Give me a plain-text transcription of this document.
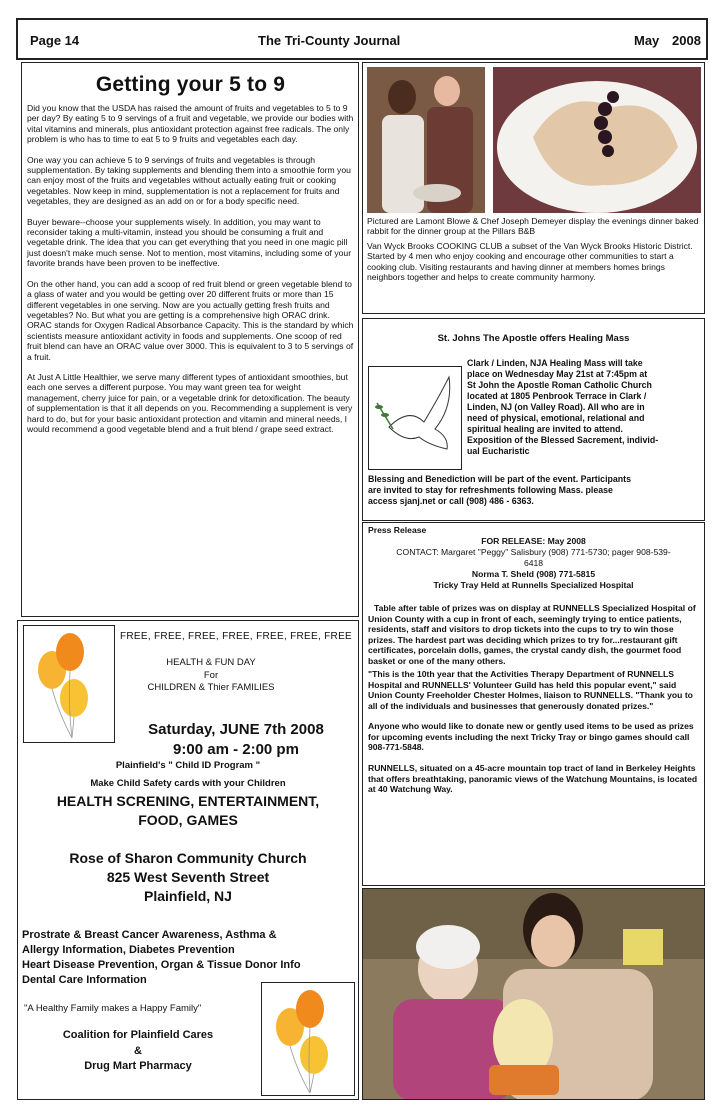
Page 14	The Tri-County Journal	May 2008
Getting your 5 to 9

Did you know that the USDA has raised the amount of fruits and vegetables to 5 to 9 per day? By eating 5 to 9 servings of a fruit and vegetable, we provide our bodies with vital vitamins and minerals, plus antioxidant protection against free radicals. The only problem is who has to time to eat 5 to 9 fruits and vegetables each day.

One way you can achieve 5 to 9 servings of fruits and vegetables is through supplementation. By taking supplements and blending them into a smoothie form you can enjoy most of the fruits and vegetables without actually eating fruit or cooking vegetables. Now keep in mind, supplementation is not a replacement for fruits and vegetables, they are designed as an add on or for a body specific need.

Buyer beware--choose your supplements wisely. In addition, you may want to reconsider taking a multi-vitamin, instead you should be consuming a fruit and vegetable drink. The idea that you can get everything that you need in one magic pill just doesn't make much sense. Not to mention, most vitamins, including some of your favorite brands have been proven to be ineffective.

On the other hand, you can add a scoop of red fruit blend or green vegetable blend to a glass of water and you would be getting over 20 different fruits or more than 15 different vegetables in one serving. Now are you actually getting fresh fruits and vegetables? No. But what you are getting is a comprehensive high ORAC drink. ORAC stands for Oxygen Radical Absorbance Capacity. This is the standard by which scientists measure antioxidant activity in foods and supplements. One scoop of red fruit blend can have an ORAC value over 3000. This is equivalent to 3 to 5 servings of a fruit.

At Just A Little Healthier, we serve many different types of antioxidant smoothies, but each one serves a different purpose. You may want green tea for weight management, cherry juice for pain, or a vegetable drink for detoxification. The beauty of supplementation is that it all depends on you. Recommending a supplement is very hard to do, but for your basic antioxidant protection and vitamin and mineral needs, I would recommend a good vegetable blend and a fruit blend / grape seed extract.

Pictured are Lamont Blowe & Chef Joseph Demeyer display the evenings dinner baked rabbit for the dinner group at the Pillars B&B
Van Wyck Brooks COOKING CLUB a subset of the Van Wyck Brooks Historic District. Started by 4 men who enjoy cooking and encourage other communities to start a cooking club. Visiting restaurants and having dinner at members homes brings neighbors together and helps to create community harmony.
St. Johns The Apostle offers Healing Mass
Clark / Linden, NJA Healing Mass will take
place on Wednesday May 21st at 7:45pm at
St John the Apostle Roman Catholic Church
located at 1805 Penbrook Terrace in Clark /
Linden, NJ (on Valley Road). All who are in
need of physical, emotional, relational and
spiritual healing are invited to attend.
Exposition of the Blessed Sacrement, individ-
ual Eucharistic
Blessing and Benediction will be part of the event. Participants
are invited to stay for refreshments following Mass. please
access sjanj.net or call (908) 486 - 6363.
Press Release
FOR RELEASE: May 2008
CONTACT: Margaret "Peggy" Salisbury (908) 771-5730; pager 908-539-
6418
Norma T. Sheld (908) 771-5815
Tricky Tray Held at Runnells Specialized Hospital

Table after table of prizes was on display at RUNNELLS Specialized Hospital of Union County with a cup in front of each, seemingly trying to entice patients, residents, staff and visitors to drop tickets into the cups to try to win those prizes. The hardest part was deciding which prizes to try for...restaurant gift certificates, porcelain dolls, games, the crystal candy dish, the gourmet food basket or one of the many others.

"This is the 10th year that the Activities Therapy Department of RUNNELLS Hospital and RUNNELLS' Volunteer Guild has held this popular event," said Union County Freeholder Chester Holmes, liaison to RUNNELLS. "Thank you to all of the individuals and businesses that generously donated prizes."

Anyone who would like to donate new or gently used items to be used as prizes for upcoming events including the next Tricky Tray or bingo games should call 908-771-5848.

RUNNELLS, situated on a 45-acre mountain top tract of land in Berkeley Heights that offers breathtaking, panoramic views of the Watchung Mountains, is located at 40 Watchung Way.

FREE, FREE, FREE, FREE, FREE, FREE, FREE
HEALTH & FUN DAY
For
CHILDREN & Thier FAMILIES
Saturday, JUNE 7th 2008
9:00 am - 2:00 pm
Plainfield's " Child ID Program "
Make Child Safety cards with your Children
HEALTH SCRENING, ENTERTAINMENT,
FOOD, GAMES
Rose of Sharon Community Church
825 West Seventh Street
Plainfield, NJ
Prostrate & Breast Cancer Awareness, Asthma &
Allergy Information, Diabetes Prevention
Heart Disease Prevention, Organ & Tissue Donor Info
Dental Care Information
"A Healthy Family makes a Happy Family"
Coalition for Plainfield Cares
&
Drug Mart Pharmacy
